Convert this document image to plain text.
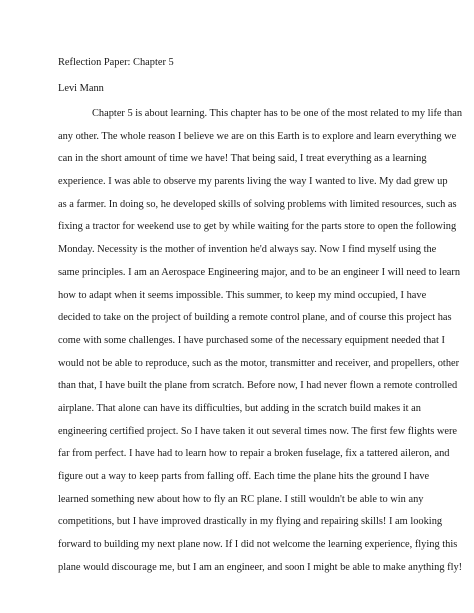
Reflection Paper: Chapter 5
Levi Mann
Chapter 5 is about learning. This chapter has to be one of the most related to my life than
any other. The whole reason I believe we are on this Earth is to explore and learn everything we
can in the short amount of time we have! That being said, I treat everything as a learning
experience. I was able to observe my parents living the way I wanted to live. My dad grew up
as a farmer. In doing so, he developed skills of solving problems with limited resources, such as
fixing a tractor for weekend use to get by while waiting for the parts store to open the following
Monday. Necessity is the mother of invention he'd always say. Now I find myself using the
same principles. I am an Aerospace Engineering major, and to be an engineer I will need to learn
how to adapt when it seems impossible. This summer, to keep my mind occupied, I have
decided to take on the project of building a remote control plane, and of course this project has
come with some challenges. I have purchased some of the necessary equipment needed that I
would not be able to reproduce, such as the motor, transmitter and receiver, and propellers, other
than that, I have built the plane from scratch. Before now, I had never flown a remote controlled
airplane. That alone can have its difficulties, but adding in the scratch build makes it an
engineering certified project. So I have taken it out several times now. The first few flights were
far from perfect. I have had to learn how to repair a broken fuselage, fix a tattered aileron, and
figure out a way to keep parts from falling off. Each time the plane hits the ground I have
learned something new about how to fly an RC plane. I still wouldn't be able to win any
competitions, but I have improved drastically in my flying and repairing skills! I am looking
forward to building my next plane now. If I did not welcome the learning experience, flying this
plane would discourage me, but I am an engineer, and soon I might be able to make anything fly!
